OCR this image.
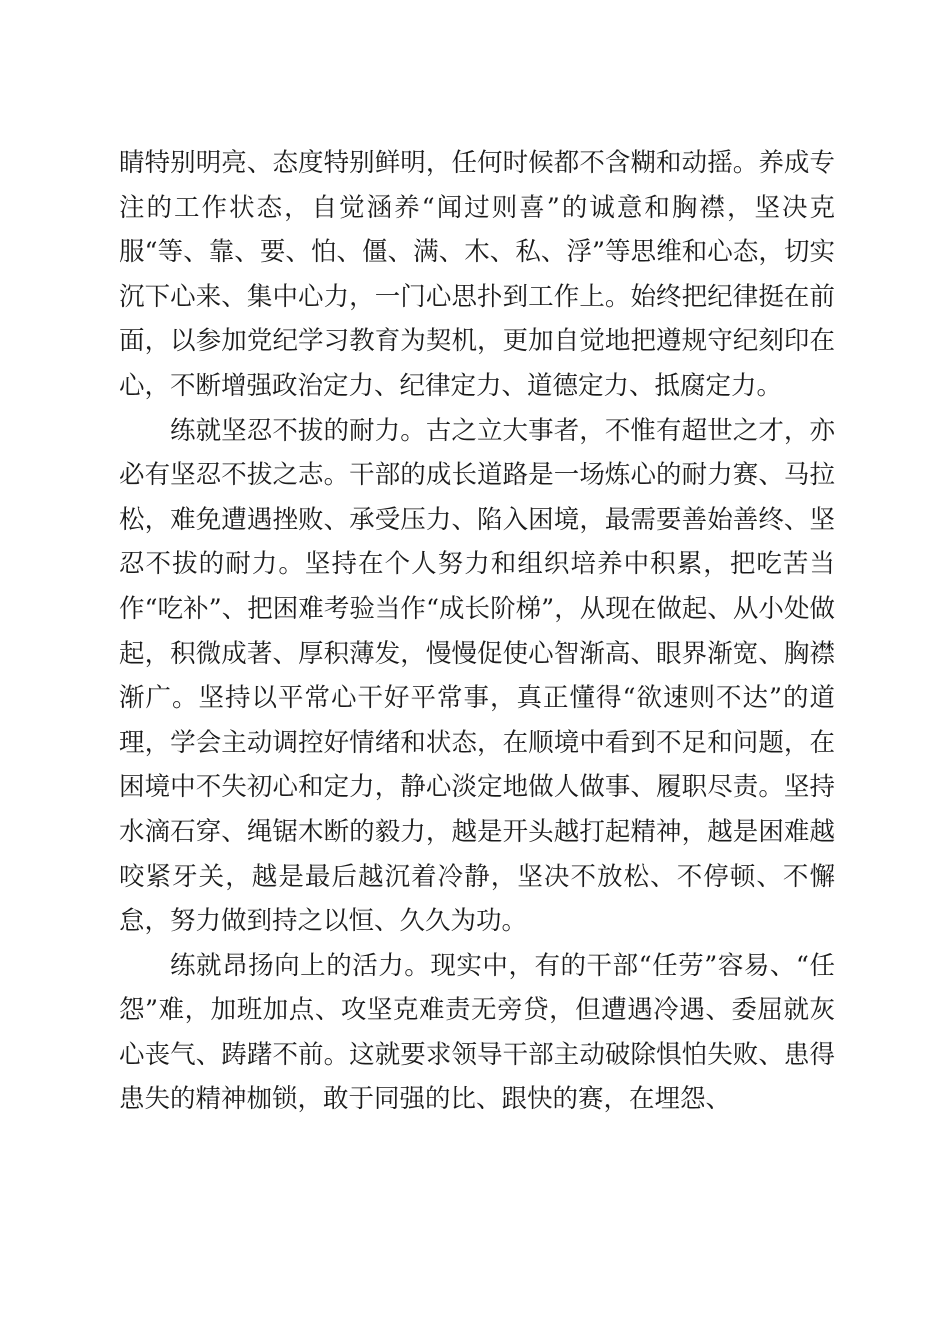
睛特别明亮、态度特别鲜明，任何时候都不含糊和动摇。养成专注的工作状态，自觉涵养“闻过则喜”的诚意和胸襟，坚决克服“等、靠、要、怕、僵、满、木、私、浮”等思维和心态，切实沉下心来、集中心力，一门心思扑到工作上。始终把纪律挺在前面，以参加党纪学习教育为契机，更加自觉地把遵规守纪刻印在心，不断增强政治定力、纪律定力、道德定力、抵腐定力。

练就坚忍不拔的耐力。古之立大事者，不惟有超世之才，亦必有坚忍不拔之志。干部的成长道路是一场炼心的耐力赛、马拉松，难免遭遇挫败、承受压力、陷入困境，最需要善始善终、坚忍不拔的耐力。坚持在个人努力和组织培养中积累，把吃苦当作“吃补”、把困难考验当作“成长阶梯”，从现在做起、从小处做起，积微成著、厚积薄发，慢慢促使心智渐高、眼界渐宽、胸襟渐广。坚持以平常心干好平常事，真正懂得“欲速则不达”的道理，学会主动调控好情绪和状态，在顺境中看到不足和问题，在困境中不失初心和定力，静心淡定地做人做事、履职尽责。坚持水滴石穿、绳锯木断的毅力，越是开头越打起精神，越是困难越咬紧牙关，越是最后越沉着冷静，坚决不放松、不停顿、不懈怠，努力做到持之以恒、久久为功。

练就昂扬向上的活力。现实中，有的干部“任劳”容易、“任怨”难，加班加点、攻坚克难责无旁贷，但遭遇冷遇、委屈就灰心丧气、踌躇不前。这就要求领导干部主动破除惧怕失败、患得患失的精神枷锁，敢于同强的比、跟快的赛，在埋怨、
